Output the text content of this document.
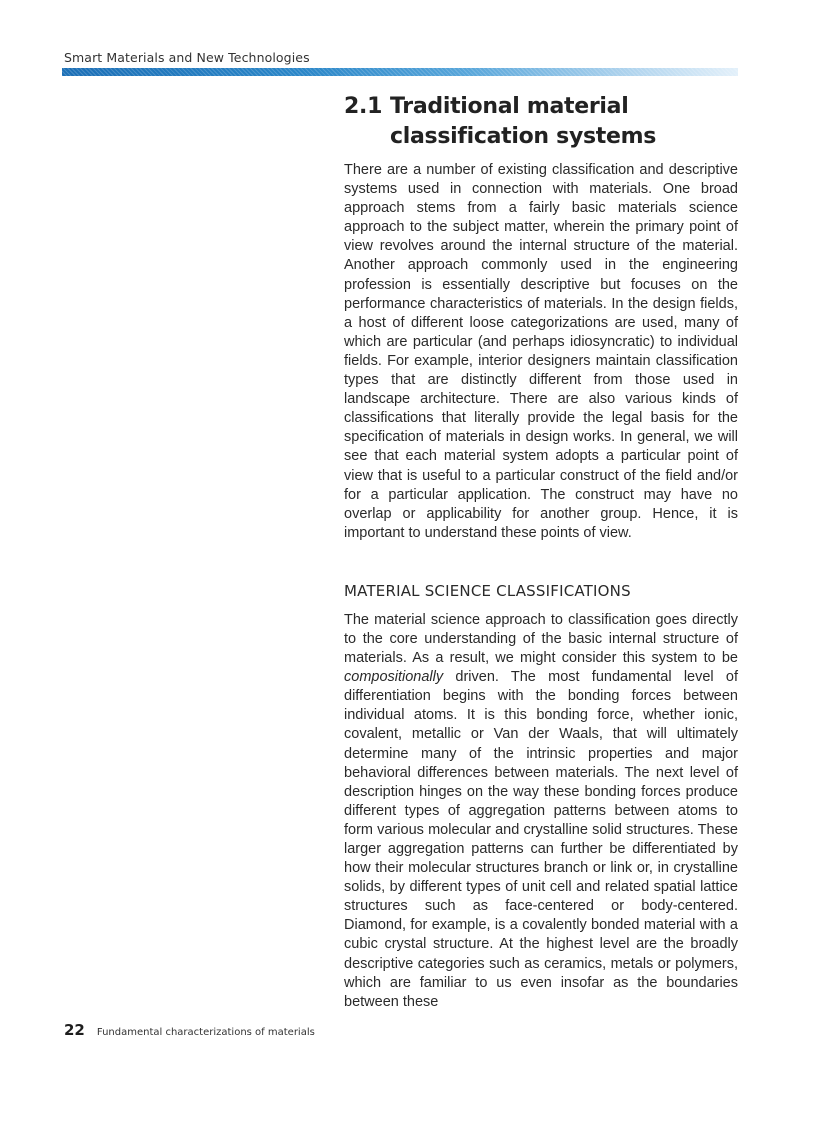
Smart Materials and New Technologies
2.1 Traditional material classification systems

There are a number of existing classification and descriptive systems used in connection with materials. One broad approach stems from a fairly basic materials science approach to the subject matter, wherein the primary point of view revolves around the internal structure of the material. Another approach commonly used in the engineering profession is essentially descriptive but focuses on the performance characteristics of materials. In the design fields, a host of different loose categorizations are used, many of which are particular (and perhaps idiosyncratic) to individual fields. For example, interior designers maintain classification types that are distinctly different from those used in landscape architecture. There are also various kinds of classifications that literally provide the legal basis for the specification of materials in design works. In general, we will see that each material system adopts a particular point of view that is useful to a particular construct of the field and/or for a particular application. The construct may have no overlap or applicability for another group. Hence, it is important to understand these points of view.

MATERIAL SCIENCE CLASSIFICATIONS

The material science approach to classification goes directly to the core understanding of the basic internal structure of materials. As a result, we might consider this system to be compositionally driven. The most fundamental level of differentiation begins with the bonding forces between individual atoms. It is this bonding force, whether ionic, covalent, metallic or Van der Waals, that will ultimately determine many of the intrinsic properties and major behavioral differences between materials. The next level of description hinges on the way these bonding forces produce different types of aggregation patterns between atoms to form various molecular and crystalline solid structures. These larger aggregation patterns can further be differentiated by how their molecular structures branch or link or, in crystalline solids, by different types of unit cell and related spatial lattice structures such as face-centered or body-centered. Diamond, for example, is a covalently bonded material with a cubic crystal structure. At the highest level are the broadly descriptive categories such as ceramics, metals or polymers, which are familiar to us even insofar as the boundaries between these

22 Fundamental characterizations of materials
